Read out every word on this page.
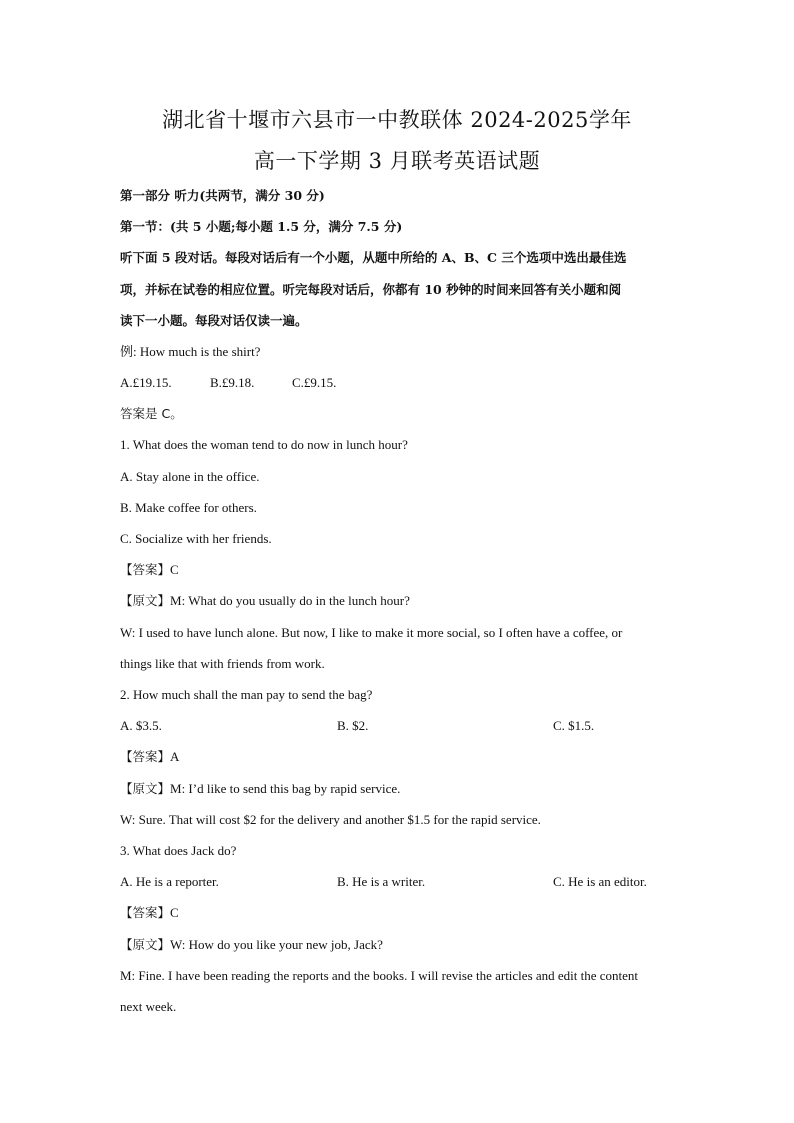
湖北省十堰市六县市一中教联体 2024-2025学年
高一下学期 3 月联考英语试题
第一部分 听力(共两节，满分 30 分)
第一节：(共 5 小题;每小题 1.5 分，满分 7.5 分)
听下面 5 段对话。每段对话后有一个小题，从题中所给的 A、B、C 三个选项中选出最佳选
项，并标在试卷的相应位置。听完每段对话后，你都有 10 秒钟的时间来回答有关小题和阅
读下一小题。每段对话仅读一遍。
例: How much is the shirt?
A.£19.15.	B.£9.18.	C.£9.15.
答案是 C。
1. What does the woman tend to do now in lunch hour?
A. Stay alone in the office.
B. Make coffee for others.
C. Socialize with her friends.
【答案】C
【原文】M: What do you usually do in the lunch hour?
W: I used to have lunch alone. But now, I like to make it more social, so I often have a coffee, or
things like that with friends from work.
2. How much shall the man pay to send the bag?
A. $3.5.	B. $2.	C. $1.5.
【答案】A
【原文】M: I’d like to send this bag by rapid service.
W: Sure. That will cost $2 for the delivery and another $1.5 for the rapid service.
3. What does Jack do?
A. He is a reporter.	B. He is a writer.	C. He is an editor.
【答案】C
【原文】W: How do you like your new job, Jack?
M: Fine. I have been reading the reports and the books. I will revise the articles and edit the content
next week.
